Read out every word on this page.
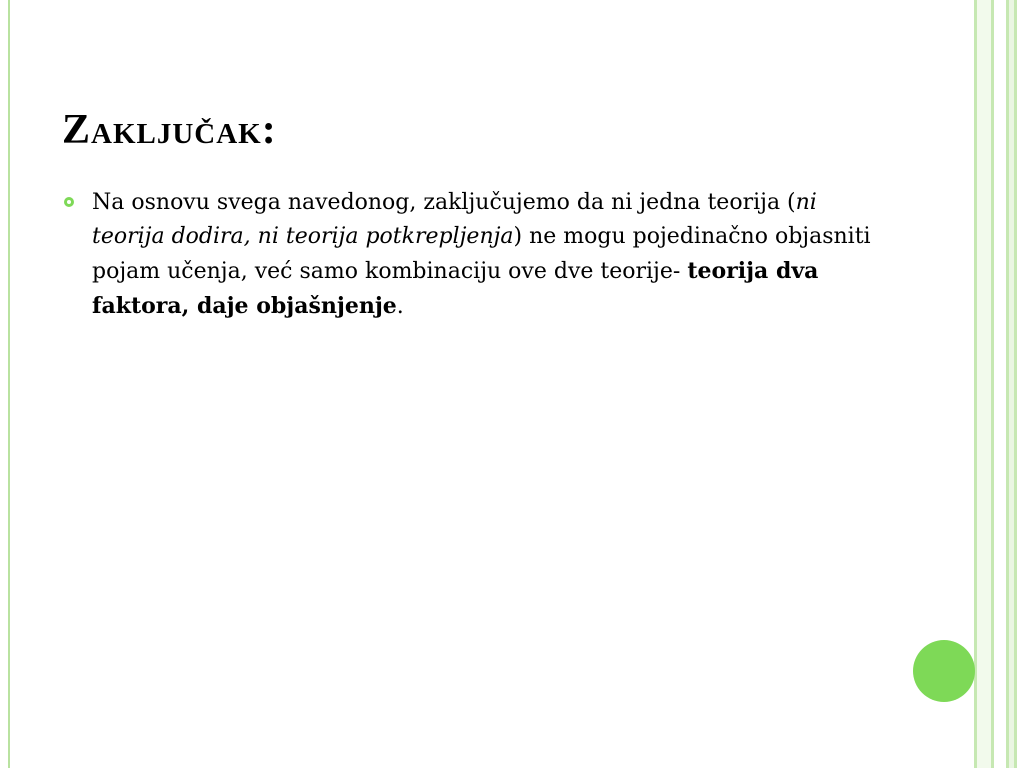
Zaključak:
Na osnovu svega navedonog, zaključujemo da ni jedna teorija (ni teorija dodira, ni teorija potkrepljenja) ne mogu pojedinačno objasniti pojam učenja, već samo kombinaciju ove dve teorije- teorija dva faktora, daje objašnjenje.
